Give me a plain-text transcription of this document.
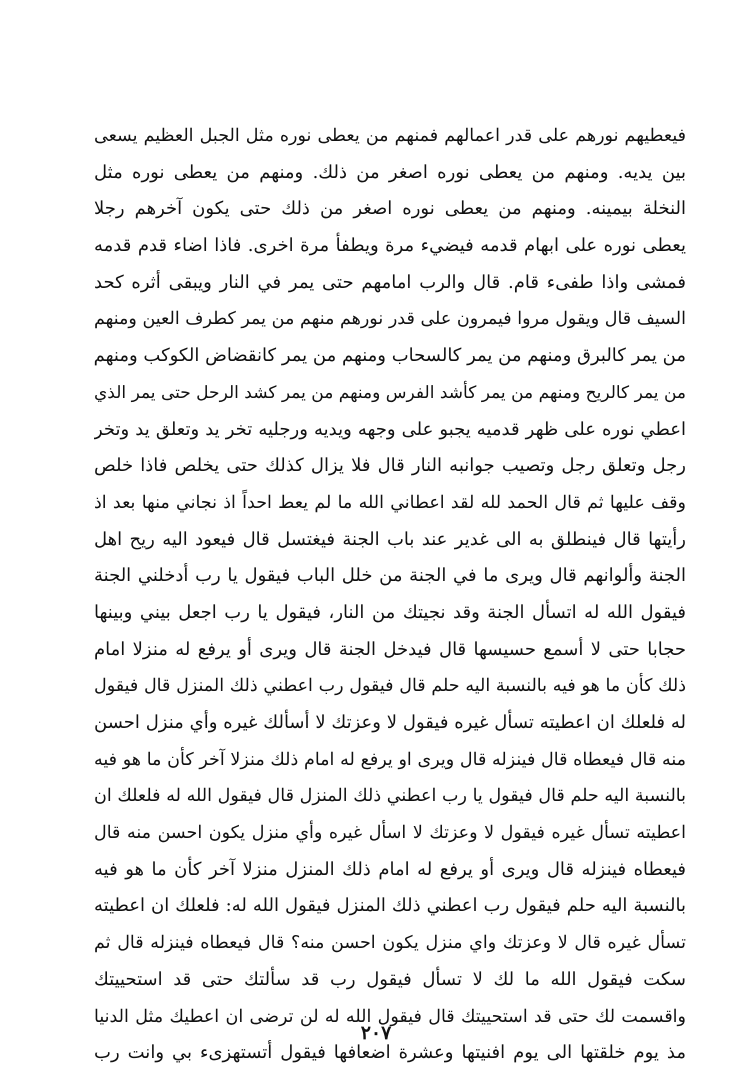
فيعطيهم نورهم على قدر اعمالهم فمنهم من يعطى نوره مثل الجبل العظيم يسعى
بين يديه. ومنهم من يعطى نوره اصغر من ذلك. ومنهم من يعطى نوره مثل
النخلة بيمينه. ومنهم من يعطى نوره اصغر من ذلك حتى يكون آخرهم رجلا
يعطى نوره على ابهام قدمه فيضيء مرة ويطفأ مرة اخرى. فاذا اضاء قدم قدمه
فمشى واذا طفىء قام. قال والرب امامهم حتى يمر في النار ويبقى أثره كحد
السيف قال ويقول مروا فيمرون على قدر نورهم منهم من يمر كطرف العين ومنهم
من يمر كالبرق ومنهم من يمر كالسحاب ومنهم من يمر كانقضاض الكوكب ومنهم
من يمر كالريح ومنهم من يمر كأشد الفرس ومنهم من يمر كشد الرحل حتى يمر الذي
اعطي نوره على ظهر قدميه يجبو على وجهه ويديه ورجليه تخر يد وتعلق يد وتخر
رجل وتعلق رجل وتصيب جوانبه النار قال فلا يزال كذلك حتى يخلص فاذا خلص
وقف عليها ثم قال الحمد لله لقد اعطاني الله ما لم يعط احداً اذ نجاني منها بعد اذ
رأيتها قال فينطلق به الى غدير عند باب الجنة فيغتسل قال فيعود اليه ريح اهل
الجنة وألوانهم قال ويرى ما في الجنة من خلل الباب فيقول يا رب أدخلني الجنة
فيقول الله له اتسأل الجنة وقد نجيتك من النار، فيقول يا رب اجعل بيني وبينها
حجابا حتى لا أسمع حسيسها قال فيدخل الجنة قال ويرى أو يرفع له منزلا امام
ذلك كأن ما هو فيه بالنسبة اليه حلم قال فيقول رب اعطني ذلك المنزل قال فيقول
له فلعلك ان اعطيته تسأل غيره فيقول لا وعزتك لا أسألك غيره وأي منزل احسن
منه قال فيعطاه قال فينزله قال ويرى او يرفع له امام ذلك منزلا آخر كأن ما هو فيه
بالنسبة اليه حلم قال فيقول يا رب اعطني ذلك المنزل قال فيقول الله له فلعلك ان
اعطيته تسأل غيره فيقول لا وعزتك لا اسأل غيره وأي منزل يكون احسن منه قال
فيعطاه فينزله قال ويرى أو يرفع له امام ذلك المنزل منزلا آخر كأن ما هو فيه
بالنسبة اليه حلم فيقول رب اعطني ذلك المنزل فيقول الله له: فلعلك ان اعطيته
تسأل غيره قال لا وعزتك واي منزل يكون احسن منه؟ قال فيعطاه فينزله قال ثم
سكت فيقول الله ما لك لا تسأل فيقول رب قد سألتك حتى قد استحييتك
واقسمت لك حتى قد استحييتك قال فيقول الله له لن ترضى ان اعطيك مثل الدنيا
مذ يوم خلقتها الى يوم افنيتها وعشرة اضعافها فيقول أتستهزىء بي وانت رب
٢٠٧
